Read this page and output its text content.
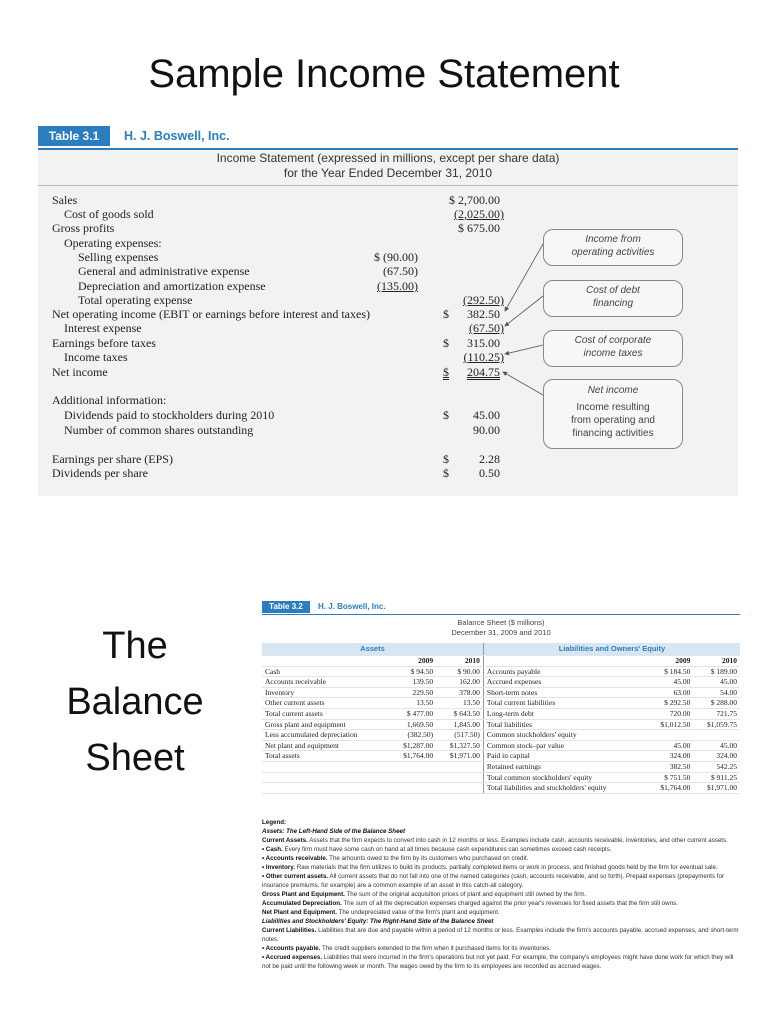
Sample Income Statement
Table 3.1	H. J. Boswell, Inc.
Income Statement (expressed in millions, except per share data)
for the Year Ended December 31, 2010
Sales	$ 2,700.00
Cost of goods sold	(2,025.00)
Gross profits	$ 675.00
Operating expenses:
Selling expenses	$ (90.00)
General and administrative expense	(67.50)
Depreciation and amortization expense	(135.00)
Total operating expense	(292.50)
Net operating income (EBIT or earnings before interest and taxes)	$	382.50
Interest expense	(67.50)
Earnings before taxes	$	315.00
Income taxes	(110.25)
Net income	$	204.75
Additional information:
Dividends paid to stockholders during 2010	$	45.00
Number of common shares outstanding	90.00
Earnings per share (EPS)	$	2.28
Dividends per share	$	0.50
Income from
operating activities
Cost of debt
financing
Cost of corporate
income taxes
Net income
Income resulting
from operating and
financing activities
The
Balance
Sheet
Table 3.2	H. J. Boswell, Inc.
Balance Sheet ($ millions)
December 31, 2009 and 2010
Assets			Liabilities and Owners' Equity		
	2009	2010		2009	2010
Cash	$ 94.50	$ 90.00	Accounts payable	$ 184.50	$ 189.00
Accounts receivable	139.50	162.00	Accrued expenses	45.00	45.00
Inventory	229.50	378.00	Short-term notes	63.00	54.00
Other current assets	13.50	13.50	Total current liabilities	$ 292.50	$ 288.00
Total current assets	$ 477.00	$ 643.50	Long-term debt	720.00	721.75
Gross plant and equipment	1,669.50	1,845.00	Total liabilities	$1,012.50	$1,059.75
Less accumulated depreciation	(382.50)	(517.50)	Common stockholders' equity		
Net plant and equipment	$1,287.00	$1,327.50	Common stock–par value	45.00	45.00
Total assets	$1,764.00	$1,971.00	Paid in capital	324.00	324.00
			Retained earnings	382.50	542.25
			Total common stockholders' equity	$ 751.50	$ 911.25
			Total liabilities and stockholders' equity	$1,764.00	$1,971.00

Legend:

Assets: The Left-Hand Side of the Balance Sheet

Current Assets. Assets that the firm expects to convert into cash in 12 months or less. Examples include cash, accounts receivable, inventories, and other current assets.

• Cash. Every firm must have some cash on hand at all times because cash expenditures can sometimes exceed cash receipts.

• Accounts receivable. The amounts owed to the firm by its customers who purchased on credit.

• Inventory. Raw materials that the firm utilizes to build its products, partially completed items or work in process, and finished goods held by the firm for eventual sale.

• Other current assets. All current assets that do not fall into one of the named categories (cash, accounts receivable, and so forth). Prepaid expenses (prepayments for insurance premiums, for example) are a common example of an asset in this catch-all category.

Gross Plant and Equipment. The sum of the original acquisition prices of plant and equipment still owned by the firm.

Accumulated Depreciation. The sum of all the depreciation expenses charged against the prior year's revenues for fixed assets that the firm still owns.

Net Plant and Equipment. The undepreciated value of the firm's plant and equipment.

Liabilities and Stockholders' Equity: The Right-Hand Side of the Balance Sheet

Current Liabilities. Liabilities that are due and payable within a period of 12 months or less. Examples include the firm's accounts payable, accrued expenses, and short-term notes.

• Accounts payable. The credit suppliers extended to the firm when it purchased items for its inventories.

• Accrued expenses. Liabilities that were incurred in the firm's operations but not yet paid. For example, the company's employees might have done work for which they will not be paid until the following week or month. The wages owed by the firm to its employees are recorded as accrued wages.
